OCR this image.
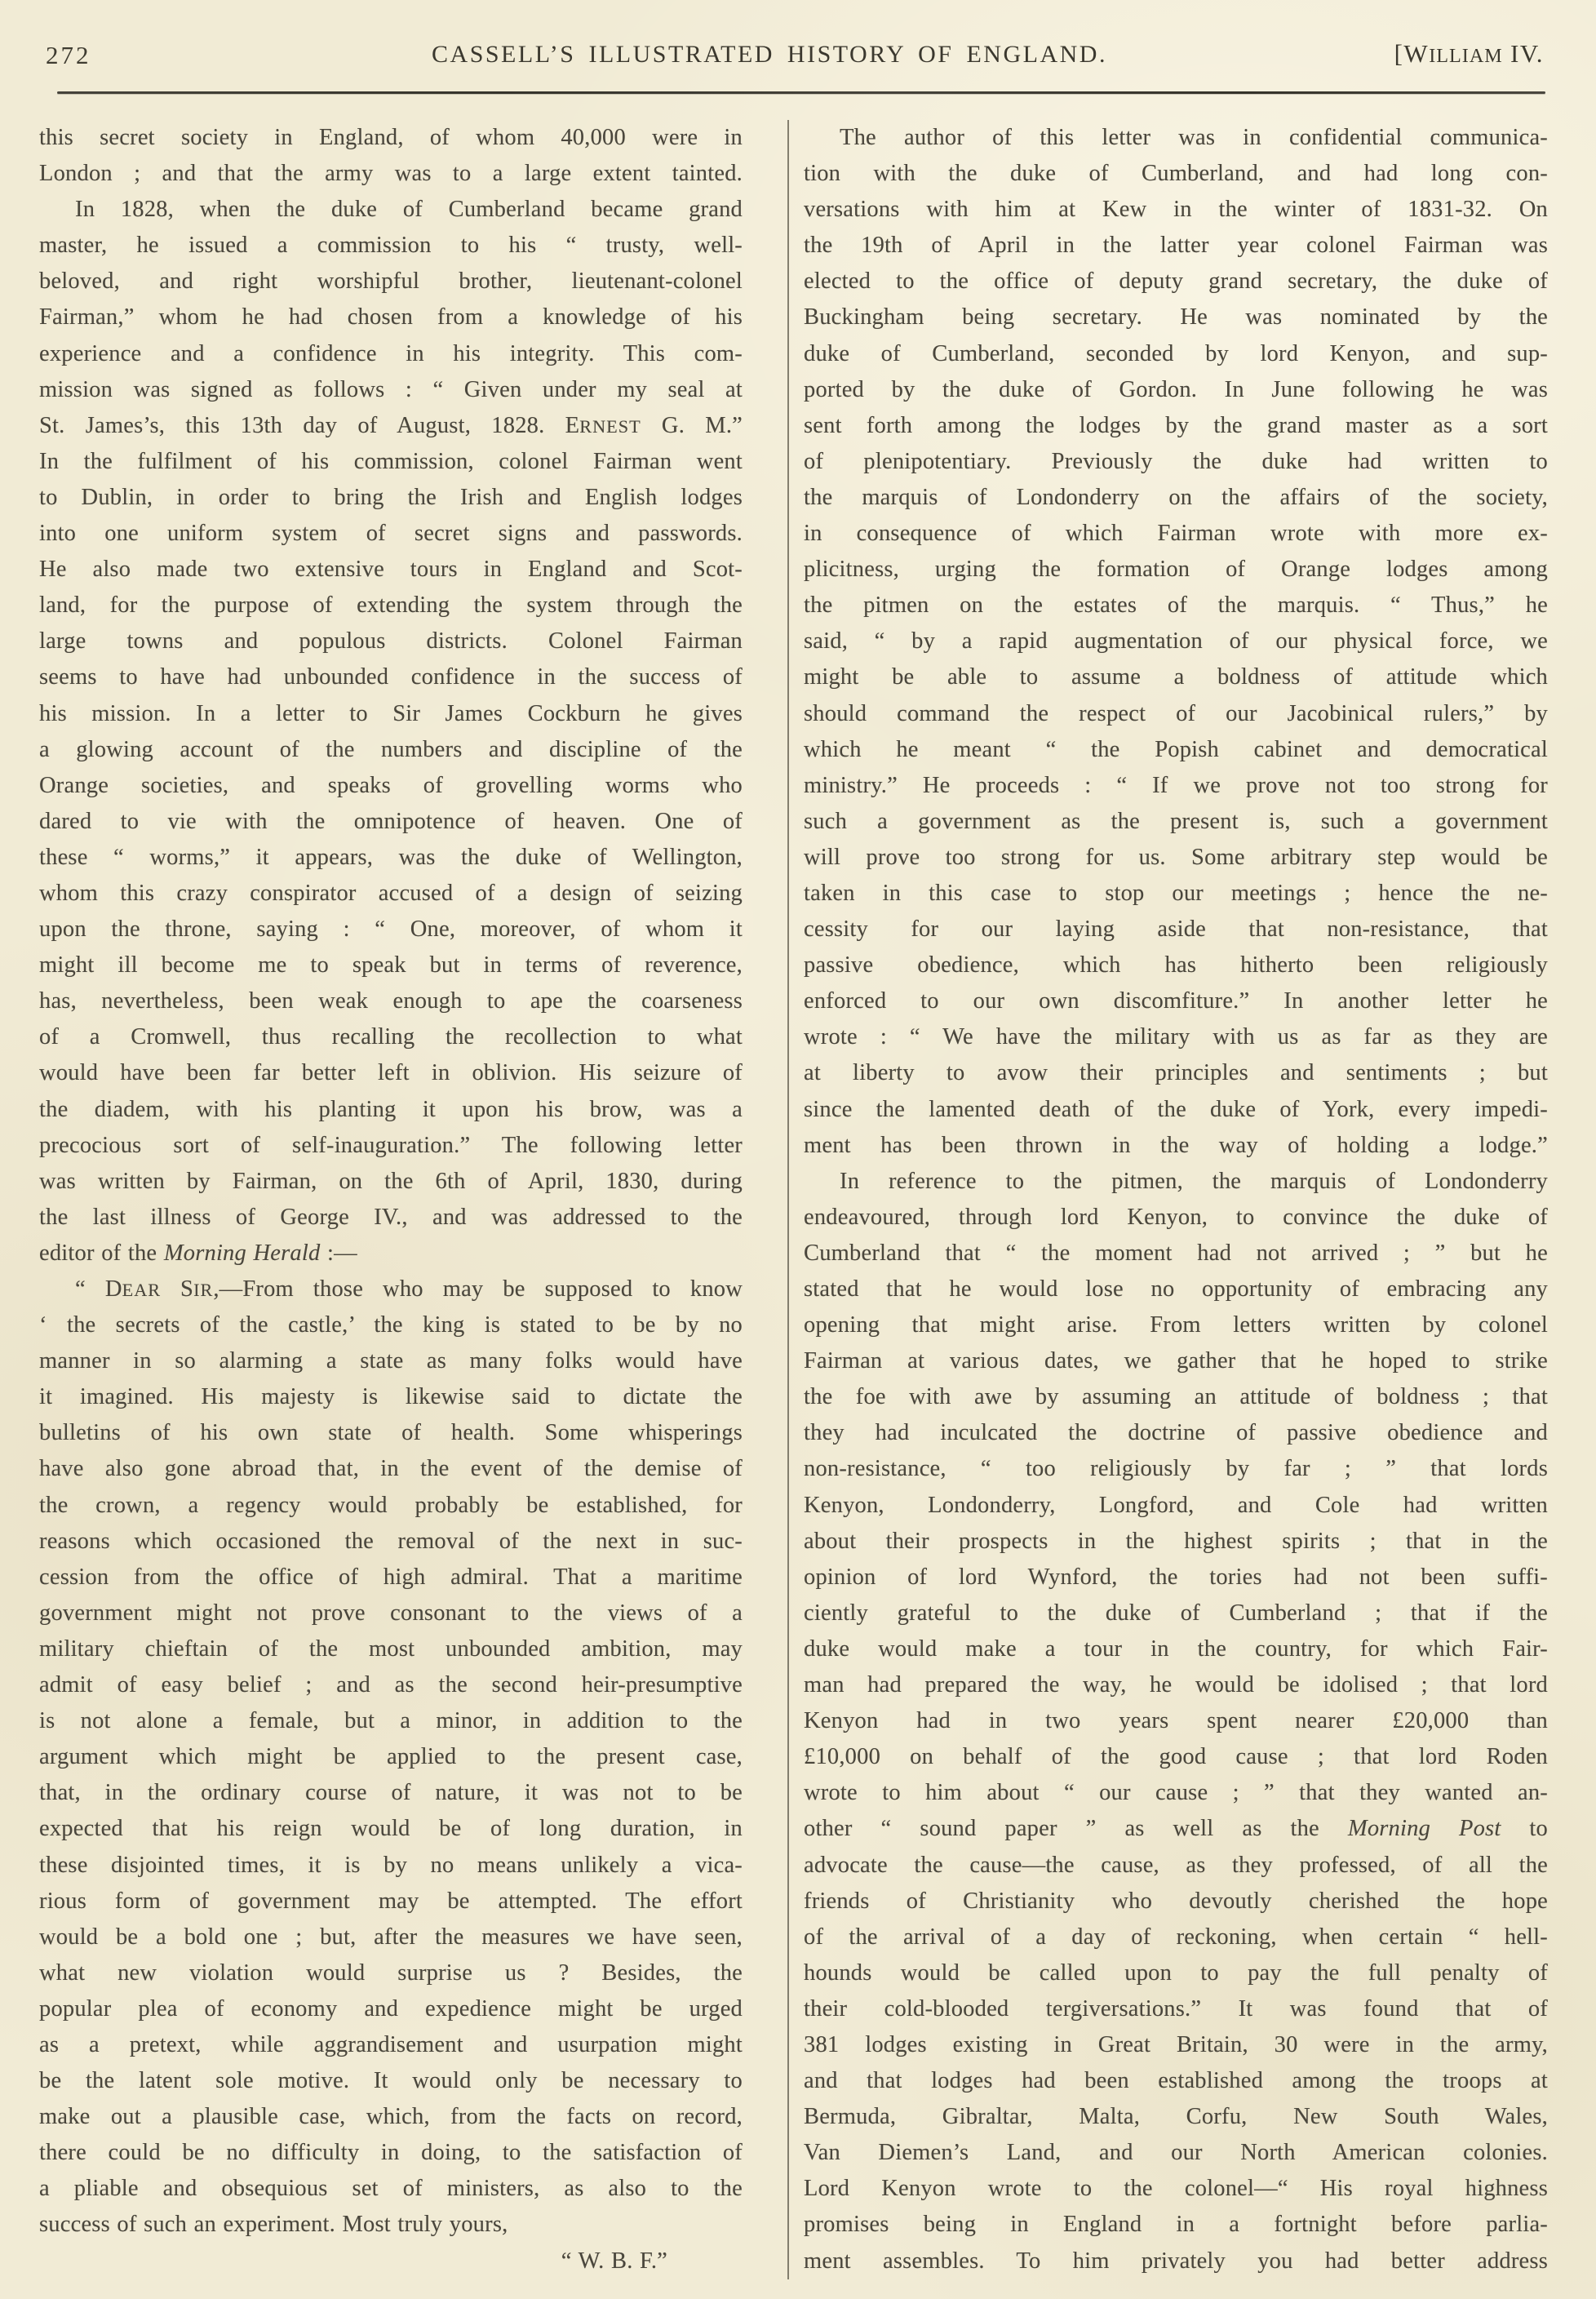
272	CASSELL’S ILLUSTRATED HISTORY OF ENGLAND.	[WILLIAM IV.
this secret society in England, of whom 40,000 were in
London ; and that the army was to a large extent tainted.
In 1828, when the duke of Cumberland became grand
master, he issued a commission to his “ trusty, well-
beloved, and right worshipful brother, lieutenant-colonel
Fairman,” whom he had chosen from a knowledge of his
experience and a confidence in his integrity. This com-
mission was signed as follows : “ Given under my seal at
St. James’s, this 13th day of August, 1828. ERNEST G. M.”
In the fulfilment of his commission, colonel Fairman went
to Dublin, in order to bring the Irish and English lodges
into one uniform system of secret signs and passwords.
He also made two extensive tours in England and Scot-
land, for the purpose of extending the system through the
large towns and populous districts. Colonel Fairman
seems to have had unbounded confidence in the success of
his mission. In a letter to Sir James Cockburn he gives
a glowing account of the numbers and discipline of the
Orange societies, and speaks of grovelling worms who
dared to vie with the omnipotence of heaven. One of
these “ worms,” it appears, was the duke of Wellington,
whom this crazy conspirator accused of a design of seizing
upon the throne, saying : “ One, moreover, of whom it
might ill become me to speak but in terms of reverence,
has, nevertheless, been weak enough to ape the coarseness
of a Cromwell, thus recalling the recollection to what
would have been far better left in oblivion. His seizure of
the diadem, with his planting it upon his brow, was a
precocious sort of self-inauguration.” The following letter
was written by Fairman, on the 6th of April, 1830, during
the last illness of George IV., and was addressed to the
editor of the Morning Herald :—
“ DEAR SIR,—From those who may be supposed to know
‘ the secrets of the castle,’ the king is stated to be by no
manner in so alarming a state as many folks would have
it imagined. His majesty is likewise said to dictate the
bulletins of his own state of health. Some whisperings
have also gone abroad that, in the event of the demise of
the crown, a regency would probably be established, for
reasons which occasioned the removal of the next in suc-
cession from the office of high admiral. That a maritime
government might not prove consonant to the views of a
military chieftain of the most unbounded ambition, may
admit of easy belief ; and as the second heir-presumptive
is not alone a female, but a minor, in addition to the
argument which might be applied to the present case,
that, in the ordinary course of nature, it was not to be
expected that his reign would be of long duration, in
these disjointed times, it is by no means unlikely a vica-
rious form of government may be attempted. The effort
would be a bold one ; but, after the measures we have seen,
what new violation would surprise us ? Besides, the
popular plea of economy and expedience might be urged
as a pretext, while aggrandisement and usurpation might
be the latent sole motive. It would only be necessary to
make out a plausible case, which, from the facts on record,
there could be no difficulty in doing, to the satisfaction of
a pliable and obsequious set of ministers, as also to the
success of such an experiment. Most truly yours,
“ W. B. F.”
The author of this letter was in confidential communica-
tion with the duke of Cumberland, and had long con-
versations with him at Kew in the winter of 1831-32. On
the 19th of April in the latter year colonel Fairman was
elected to the office of deputy grand secretary, the duke of
Buckingham being secretary. He was nominated by the
duke of Cumberland, seconded by lord Kenyon, and sup-
ported by the duke of Gordon. In June following he was
sent forth among the lodges by the grand master as a sort
of plenipotentiary. Previously the duke had written to
the marquis of Londonderry on the affairs of the society,
in consequence of which Fairman wrote with more ex-
plicitness, urging the formation of Orange lodges among
the pitmen on the estates of the marquis. “ Thus,” he
said, “ by a rapid augmentation of our physical force, we
might be able to assume a boldness of attitude which
should command the respect of our Jacobinical rulers,” by
which he meant “ the Popish cabinet and democratical
ministry.” He proceeds : “ If we prove not too strong for
such a government as the present is, such a government
will prove too strong for us. Some arbitrary step would be
taken in this case to stop our meetings ; hence the ne-
cessity for our laying aside that non-resistance, that
passive obedience, which has hitherto been religiously
enforced to our own discomfiture.” In another letter he
wrote : “ We have the military with us as far as they are
at liberty to avow their principles and sentiments ; but
since the lamented death of the duke of York, every impedi-
ment has been thrown in the way of holding a lodge.”
In reference to the pitmen, the marquis of Londonderry
endeavoured, through lord Kenyon, to convince the duke of
Cumberland that “ the moment had not arrived ; ” but he
stated that he would lose no opportunity of embracing any
opening that might arise. From letters written by colonel
Fairman at various dates, we gather that he hoped to strike
the foe with awe by assuming an attitude of boldness ; that
they had inculcated the doctrine of passive obedience and
non-resistance, “ too religiously by far ; ” that lords
Kenyon, Londonderry, Longford, and Cole had written
about their prospects in the highest spirits ; that in the
opinion of lord Wynford, the tories had not been suffi-
ciently grateful to the duke of Cumberland ; that if the
duke would make a tour in the country, for which Fair-
man had prepared the way, he would be idolised ; that lord
Kenyon had in two years spent nearer £20,000 than
£10,000 on behalf of the good cause ; that lord Roden
wrote to him about “ our cause ; ” that they wanted an-
other “ sound paper ” as well as the Morning Post to
advocate the cause—the cause, as they professed, of all the
friends of Christianity who devoutly cherished the hope
of the arrival of a day of reckoning, when certain “ hell-
hounds would be called upon to pay the full penalty of
their cold-blooded tergiversations.” It was found that of
381 lodges existing in Great Britain, 30 were in the army,
and that lodges had been established among the troops at
Bermuda, Gibraltar, Malta, Corfu, New South Wales,
Van Diemen’s Land, and our North American colonies.
Lord Kenyon wrote to the colonel—“ His royal highness
promises being in England in a fortnight before parlia-
ment assembles. To him privately you had better address
